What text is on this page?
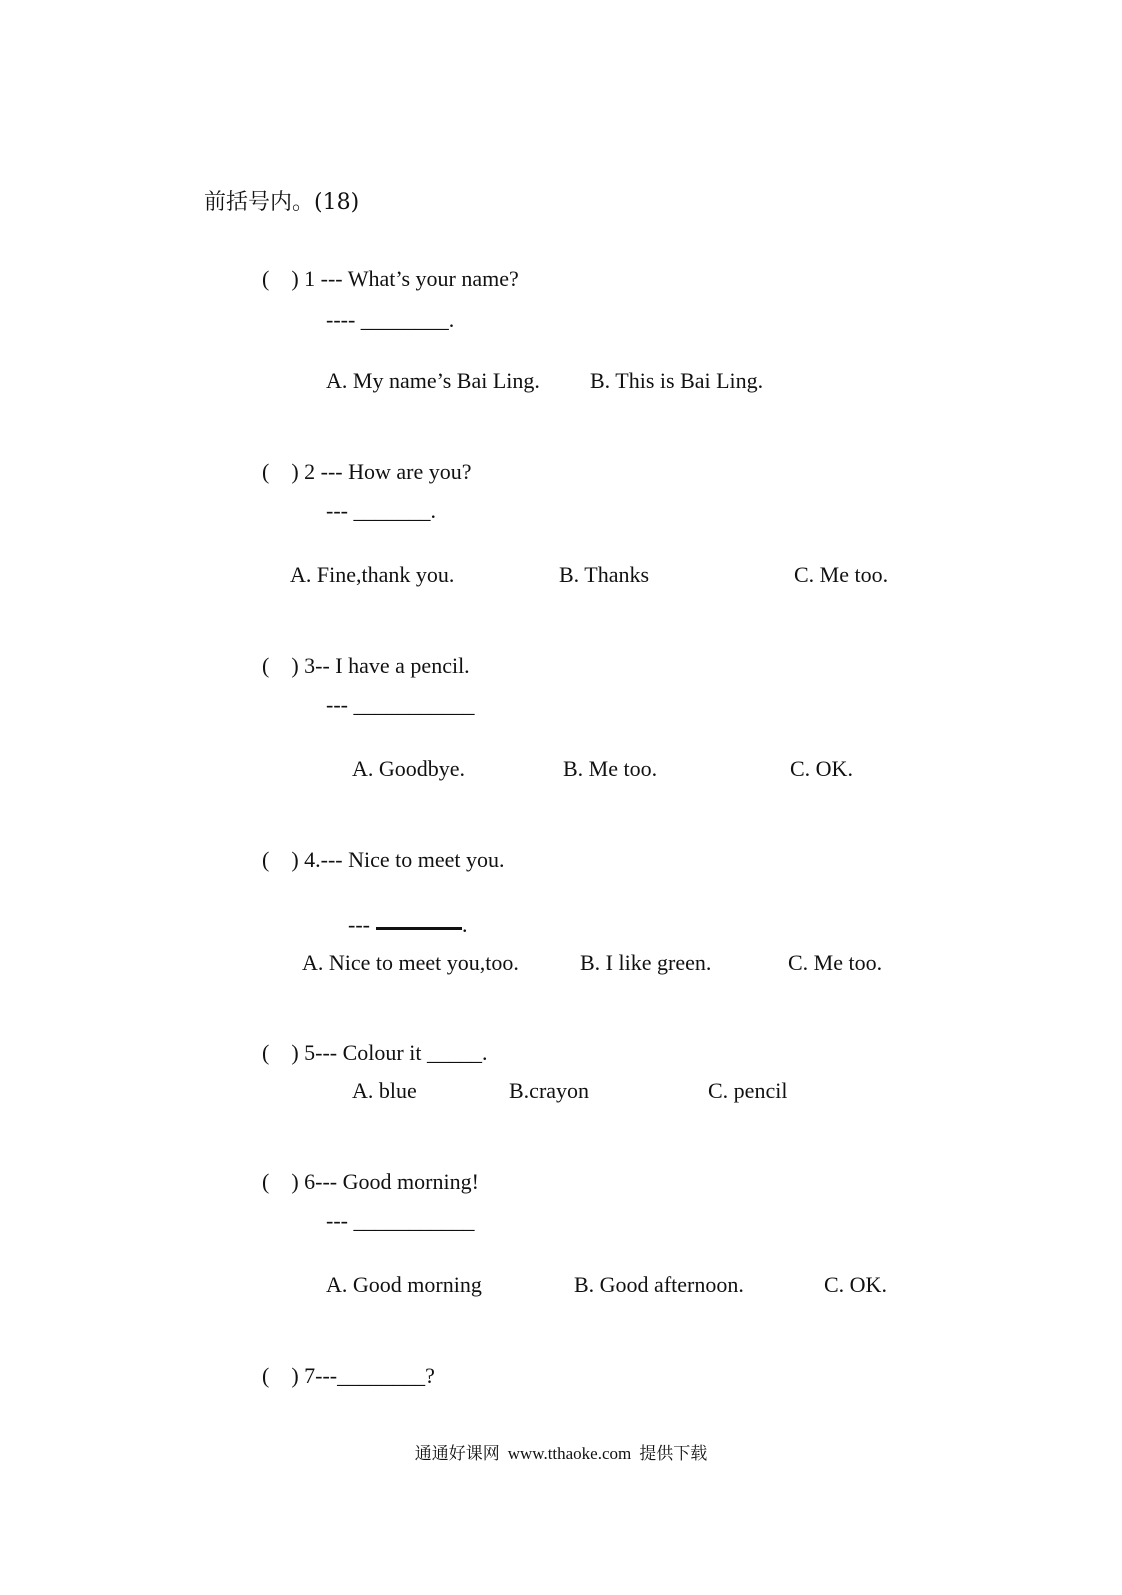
前括号内。(18)

(    ) 1 --- What’s your name?

---- ________.
A. My name’s Bai Ling. B. This is Bai Ling.

(    ) 2 --- How are you?

--- _______.
A. Fine,thank you.	B. Thanks	C. Me too.

(    ) 3-- I have a pencil.

--- ___________
A. Goodbye.	B. Me too.	C. OK.

(    ) 4.--- Nice to meet you.

---	.

A. Nice to meet you,too.	B. I like green.	C. Me too.

(    ) 5--- Colour it _____.

A. blue	B.crayon	C. pencil

(    ) 6--- Good morning!

--- ___________
A. Good morning	B. Good afternoon.	C. OK.

(    ) 7---________?

通通好课网 www.tthaoke.com 提供下载
